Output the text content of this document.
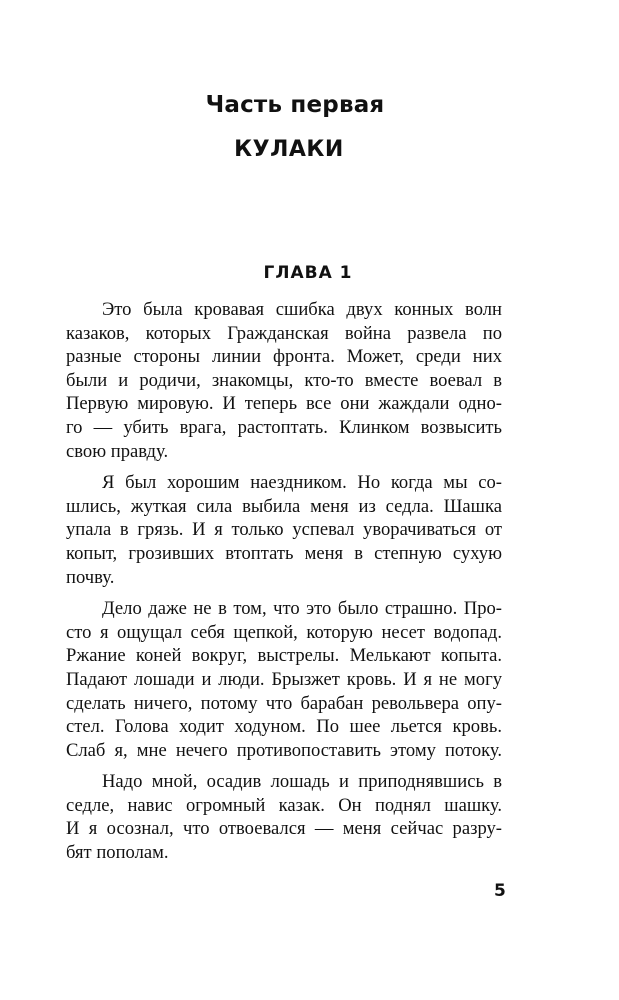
Часть первая
КУЛАКИ
ГЛАВА 1

Это была кровавая сшибка двух конных волн
казаков, которых Гражданская война развела по
разные стороны линии фронта. Может, среди них
были и родичи, знакомцы, кто-то вместе воевал в
Первую мировую. И теперь все они жаждали одно-
го — убить врага, растоптать. Клинком возвысить
свою правду.

Я был хорошим наездником. Но когда мы со-
шлись, жуткая сила выбила меня из седла. Шашка
упала в грязь. И я только успевал уворачиваться от
копыт, грозивших втоптать меня в степную сухую
почву.

Дело даже не в том, что это было страшно. Про-
сто я ощущал себя щепкой, которую несет водопад.
Ржание коней вокруг, выстрелы. Мелькают копыта.
Падают лошади и люди. Брызжет кровь. И я не могу
сделать ничего, потому что барабан револьвера опу-
стел. Голова ходит ходуном. По шее льется кровь.
Слаб я, мне нечего противопоставить этому потоку.

Надо мной, осадив лошадь и приподнявшись в
седле, навис огромный казак. Он поднял шашку.
И я осознал, что отвоевался — меня сейчас разру-
бят пополам.

5
